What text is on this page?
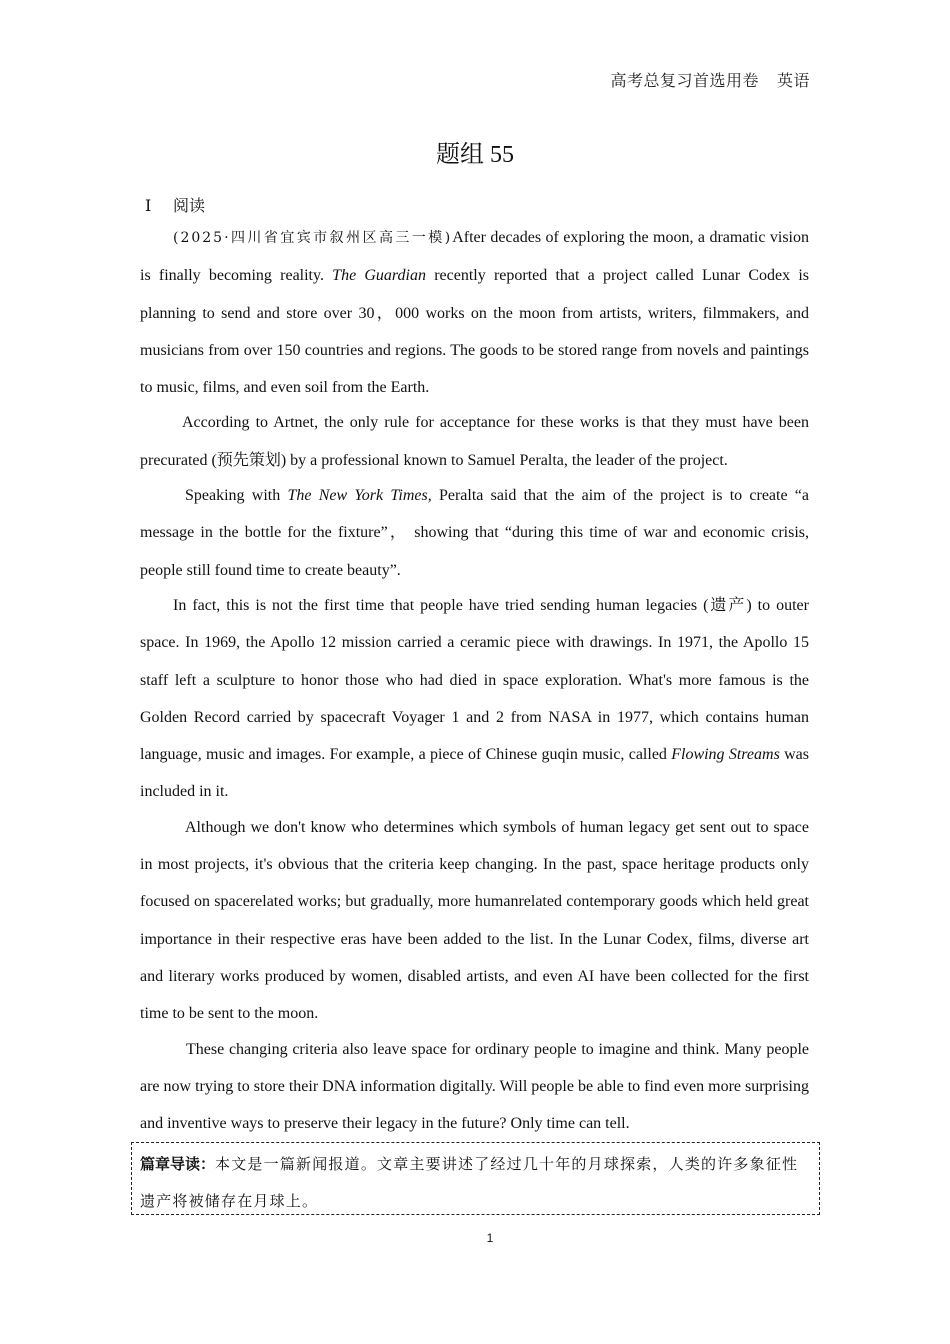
高考总复习首选用卷 英语
题组 55
Ⅰ 阅读

(2025·四川省宜宾市叙州区高三一模)After decades of exploring the moon, a dramatic vision is finally becoming reality. The Guardian recently reported that a project called Lunar Codex is planning to send and store over 30，000 works on the moon from artists, writers, filmmakers, and musicians from over 150 countries and regions. The goods to be stored range from novels and paintings to music, films, and even soil from the Earth.

According to Artnet, the only rule for acceptance for these works is that they must have been precurated (预先策划) by a professional known to Samuel Peralta, the leader of the project.

Speaking with The New York Times, Peralta said that the aim of the project is to create “a message in the bottle for the fixture”， showing that “during this time of war and economic crisis, people still found time to create beauty”.

In fact, this is not the first time that people have tried sending human legacies (遗产) to outer space. In 1969, the Apollo 12 mission carried a ceramic piece with drawings. In 1971, the Apollo 15 staff left a sculpture to honor those who had died in space exploration. What's more famous is the Golden Record carried by spacecraft Voyager 1 and 2 from NASA in 1977, which contains human language, music and images. For example, a piece of Chinese guqin music, called Flowing Streams was included in it.

Although we don't know who determines which symbols of human legacy get sent out to space in most projects, it's obvious that the criteria keep changing. In the past, space heritage products only focused on spacerelated works; but gradually, more humanrelated contemporary goods which held great importance in their respective eras have been added to the list. In the Lunar Codex, films, diverse art and literary works produced by women, disabled artists, and even AI have been collected for the first time to be sent to the moon.

These changing criteria also leave space for ordinary people to imagine and think. Many people are now trying to store their DNA information digitally. Will people be able to find even more surprising and inventive ways to preserve their legacy in the future? Only time can tell.

篇章导读：本文是一篇新闻报道。文章主要讲述了经过几十年的月球探索，人类的许多象征性遗产将被储存在月球上。
1
